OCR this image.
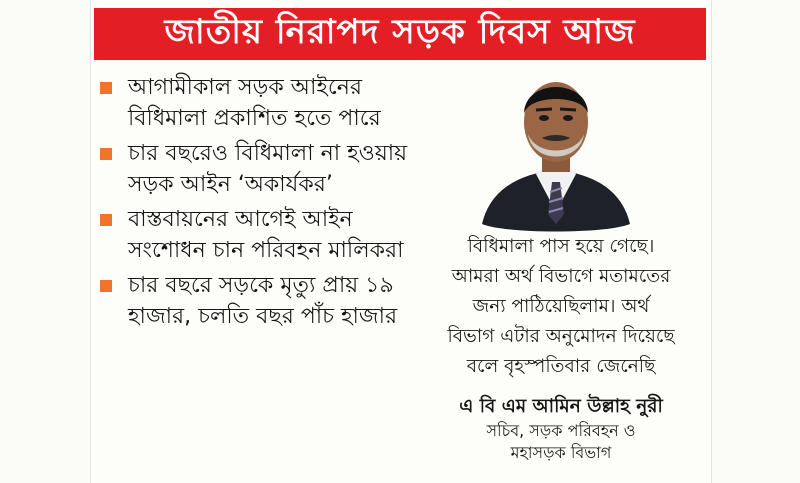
জাতীয় নিরাপদ সড়ক দিবস আজ
আগামীকাল সড়ক আইনের বিধিমালা প্রকাশিত হতে পারে
চার বছরেও বিধিমালা না হওয়ায় সড়ক আইন ‘অকার্যকর’
বাস্তবায়নের আগেই আইন সংশোধন চান পরিবহন মালিকরা
চার বছরে সড়কে মৃত্যু প্রায় ১৯ হাজার, চলতি বছর পাঁচ হাজার

বিধিমালা পাস হয়ে গেছে।
আমরা অর্থ বিভাগে মতামতের
জন্য পাঠিয়েছিলাম। অর্থ
বিভাগ এটার অনুমোদন দিয়েছে
বলে বৃহস্পতিবার জেনেছি

এ বি এম আমিন উল্লাহ নুরী

সচিব, সড়ক পরিবহন ও
মহাসড়ক বিভাগ
